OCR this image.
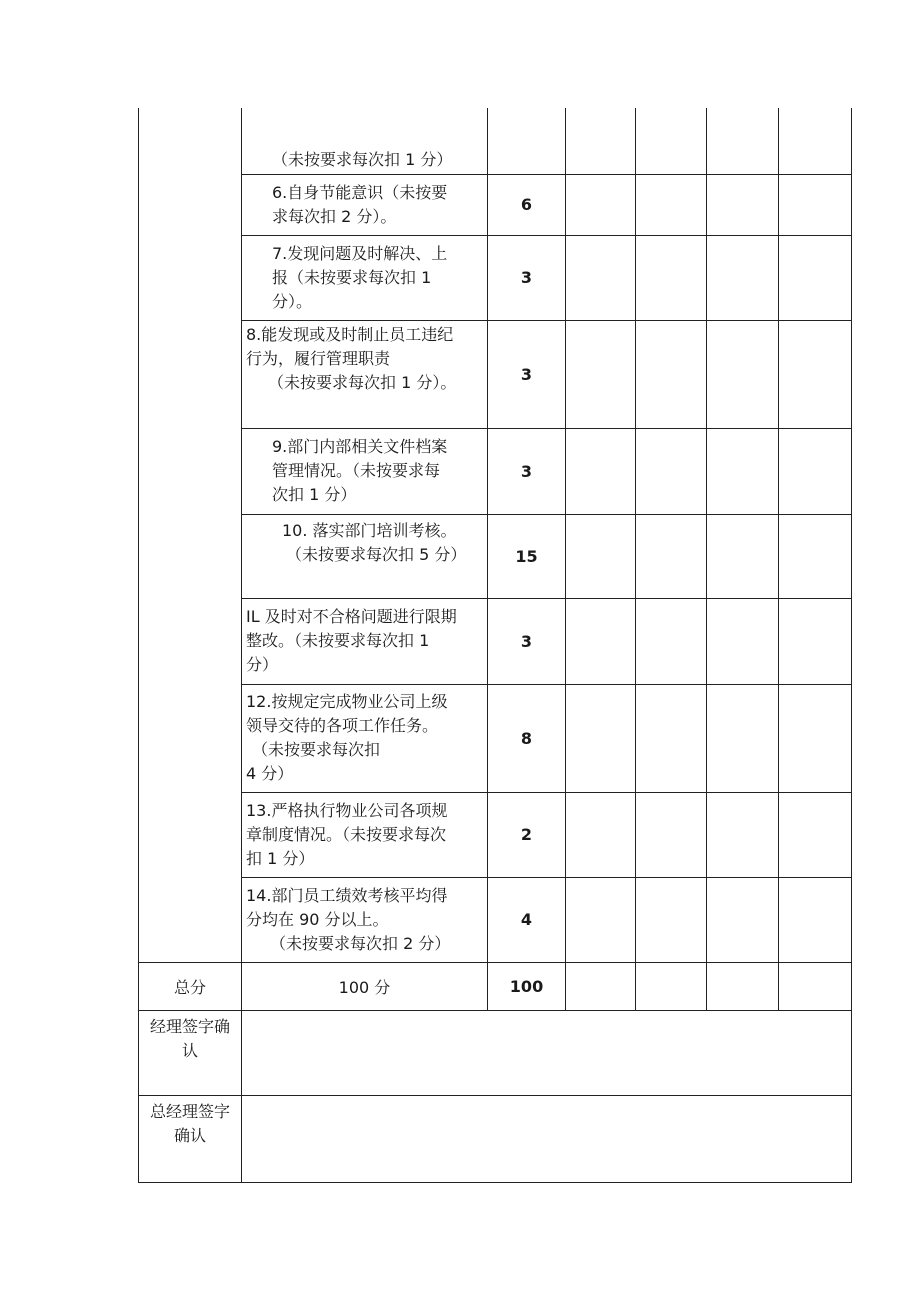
	（未按要求每次扣 1 分）					

	6.自身节能意识（未按要
求每次扣 2 分）。	6				

	7.发现问题及时解决、上
报（未按要求每次扣 1
分）。	3				

	8.能发现或及时制止员工违纪
行为，履行管理职责
（未按要求每次扣 1 分）。	3				

	9.部门内部相关文件档案
管理情况。（未按要求每
次扣 1 分）	3				

	10. 落实部门培训考核。
（未按要求每次扣 5 分）	15				

	IL 及时对不合格问题进行限期
整改。（未按要求每次扣 1
分）	3				

	12.按规定完成物业公司上级
领导交待的各项工作任务。
（未按要求每次扣
4 分）	8				

	13.严格执行物业公司各项规
章制度情况。（未按要求每次
扣 1 分）	2				

	14.部门员工绩效考核平均得
分均在 90 分以上。
（未按要求每次扣 2 分）	4				
总分	100 分	100				

经理签字确
认						

总经理签字
确认						
